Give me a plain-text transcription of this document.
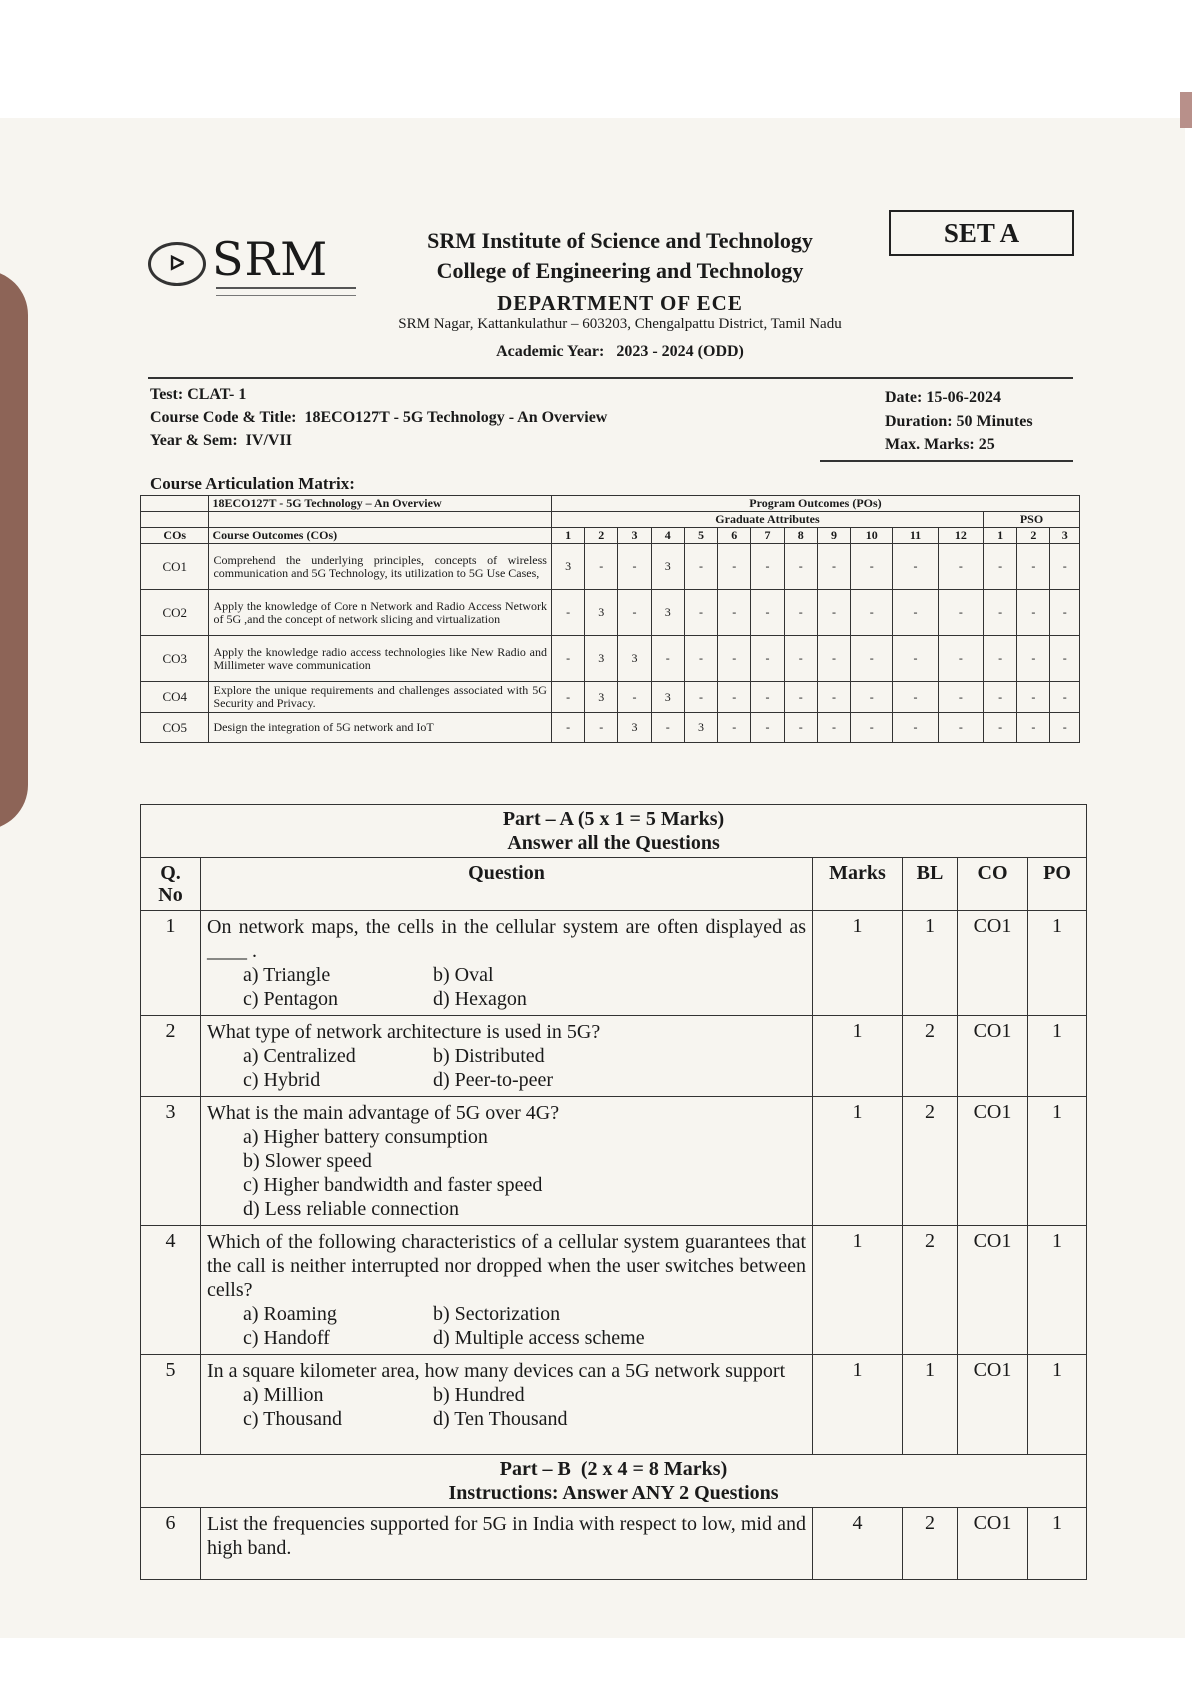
SET A
ᐅ SRM	SRM Institute of Science and Technology
College of Engineering and Technology
DEPARTMENT OF ECE
SRM Nagar, Kattankulathur – 603203, Chengalpattu District, Tamil Nadu
Academic Year:   2023 - 2024 (ODD)
Test: CLAT- 1
Course Code & Title:  18ECO127T - 5G Technology - An Overview
Year & Sem:  IV/VII
Date: 15-06-2024
Duration: 50 Minutes
Max. Marks: 25
Course Articulation Matrix:
	18ECO127T - 5G Technology – An Overview	Program Outcomes (POs)														
		Graduate Attributes												PSO		
COs	Course Outcomes (COs)	1	2	3	4	5	6	7	8	9	10	11	12	1	2	3
CO1	Comprehend the underlying principles, concepts of wireless communication and 5G Technology, its utilization to 5G Use Cases,	3	-	-	3	-	-	-	-	-	-	-	-	-	-	-
CO2	Apply the knowledge of Core n Network and Radio Access Network of 5G ,and the concept of network slicing and virtualization	-	3	-	3	-	-	-	-	-	-	-	-	-	-	-
CO3	Apply the knowledge radio access technologies like New Radio and Millimeter wave communication	-	3	3	-	-	-	-	-	-	-	-	-	-	-	-
CO4	Explore the unique requirements and challenges associated with 5G Security and Privacy.	-	3	-	3	-	-	-	-	-	-	-	-	-	-	-
CO5	Design the integration of 5G network and IoT	-	-	3	-	3	-	-	-	-	-	-	-	-	-	-
Part – A (5 x 1 = 5 Marks)
Answer all the Questions					

Q. No	Question	Marks	BL	CO	PO
1	On network maps, the cells in the cellular system are often displayed as ____ .
a) Triangle b) Oval
c) Pentagon d) Hexagon	1	1	CO1	1
2	What type of network architecture is used in 5G?
a) Centralized b) Distributed
c) Hybrid d) Peer-to-peer	1	2	CO1	1
3	What is the main advantage of 5G over 4G?
a) Higher battery consumption
b) Slower speed
c) Higher bandwidth and faster speed
d) Less reliable connection	1	2	CO1	1
4	Which of the following characteristics of a cellular system guarantees that the call is neither interrupted nor dropped when the user switches between cells?
a) Roaming b) Sectorization
c) Handoff d) Multiple access scheme	1	2	CO1	1
5	In a square kilometer area, how many devices can a 5G network support
a) Million b) Hundred
c) Thousand d) Ten Thousand	1	1	CO1	1

Part – B  (2 x 4 = 8 Marks)
Instructions: Answer ANY 2 Questions					

6	List the frequencies supported for 5G in India with respect to low, mid and high band.	4	2	CO1	1
